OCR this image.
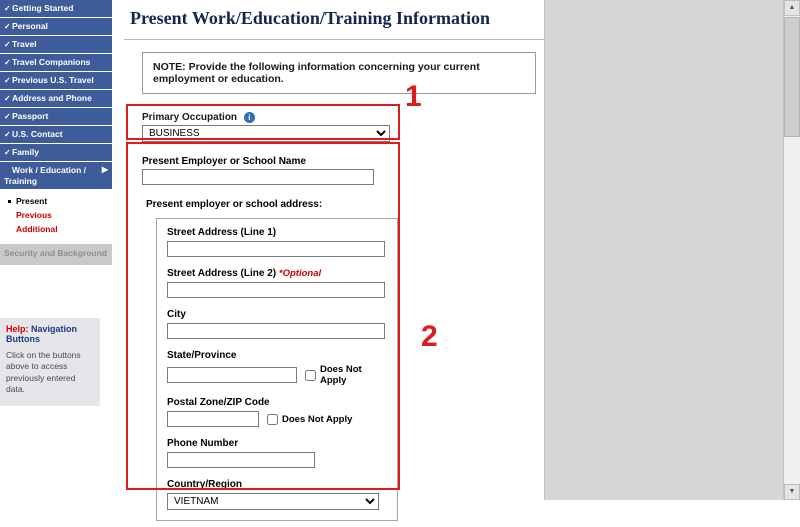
✓Getting Started
✓Personal
✓Travel
✓Travel Companions
✓Previous U.S. Travel
✓Address and Phone
✓Passport
✓U.S. Contact
✓Family
Work / Education / Training
▶
Present
Previous
Additional
Security and Background
Help: Navigation Buttons
Click on the buttons above to access previously entered data.
Present Work/Education/Training Information
NOTE: Provide the following information concerning your current employment or education.
Primary Occupation i
BUSINESS
Present Employer or School Name
Present employer or school address:
Street Address (Line 1)
Street Address (Line 2) *Optional
City
State/Province
Does Not Apply
Postal Zone/ZIP Code
Does Not Apply
Phone Number
Country/Region
VIETNAM
▲
▼
1
2
